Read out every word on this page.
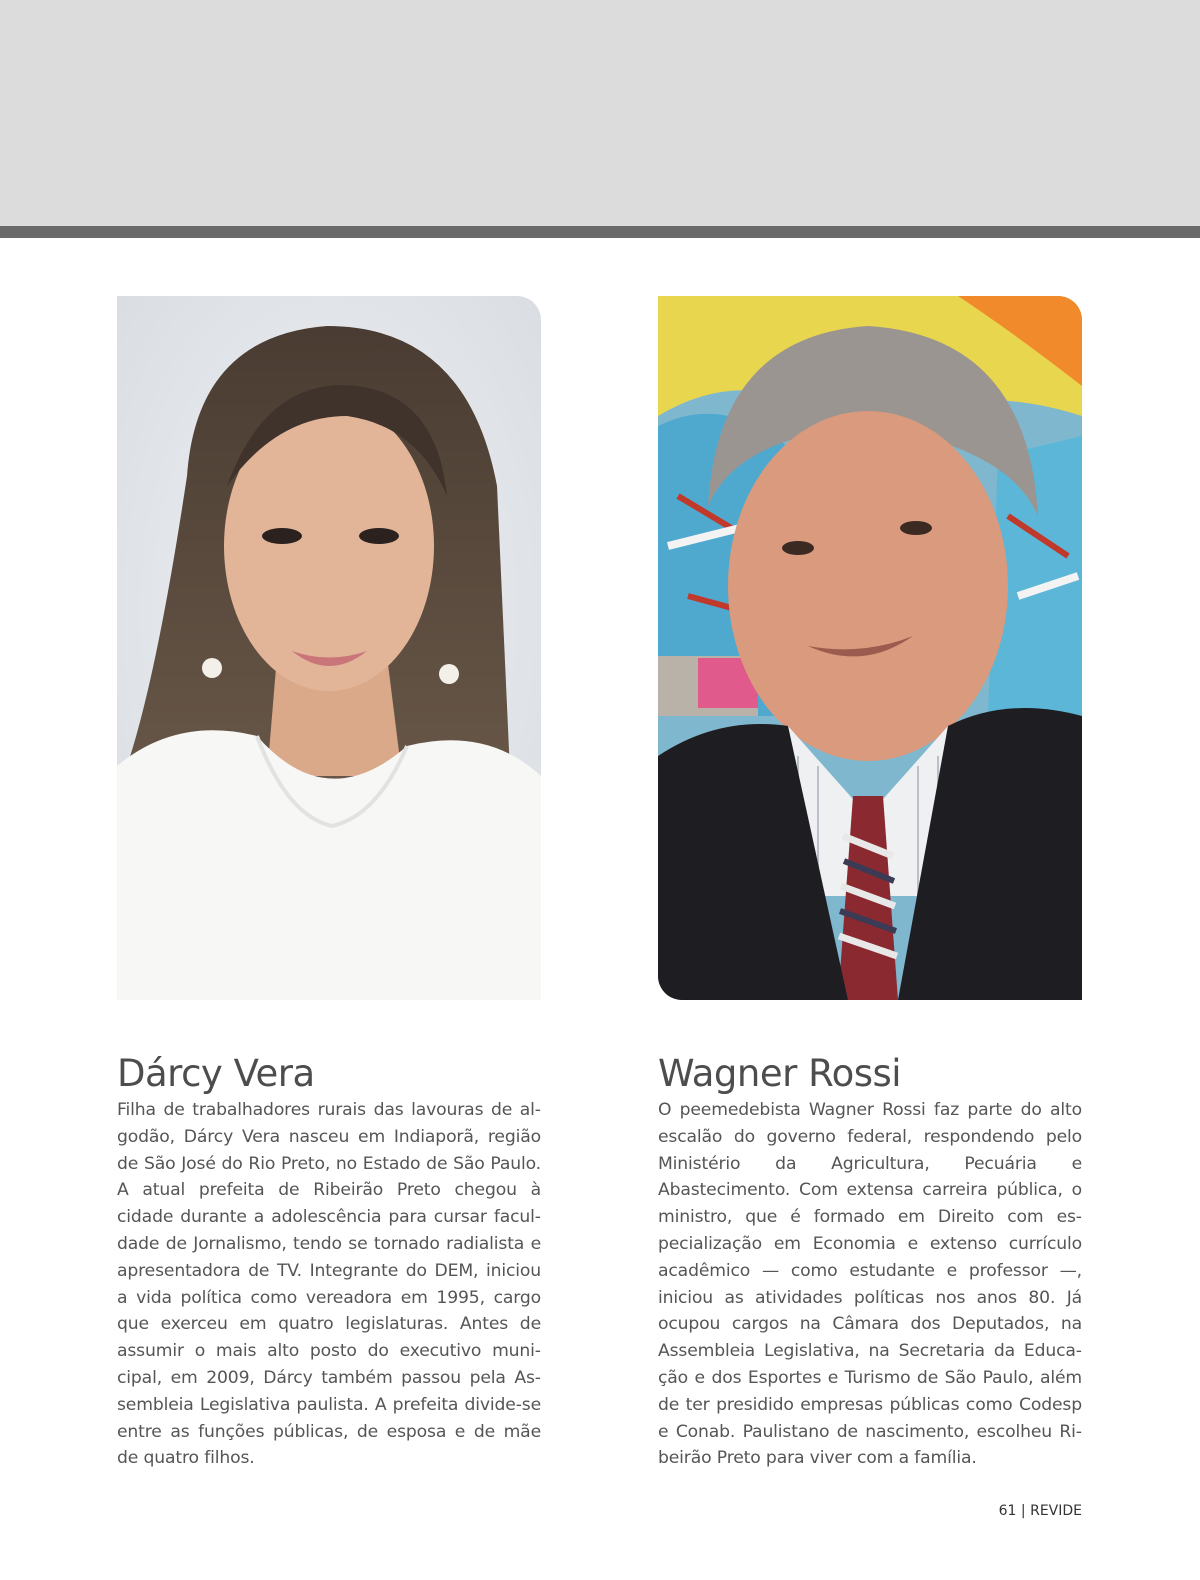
Dárcy Vera

Filha de trabalhadores rurais das lavouras de algodão, Dárcy Vera nasceu em Indiaporã, região de São José do Rio Preto, no Estado de São Paulo. A atual prefeita de Ribeirão Preto chegou à cidade durante a adolescência para cursar faculdade de Jornalismo, tendo se tornado radialista e apresentadora de TV. Integrante do DEM, iniciou a vida política como vereadora em 1995, cargo que exerceu em quatro legislaturas. Antes de assumir o mais alto posto do executivo municipal, em 2009, Dárcy também passou pela Assembleia Legislativa paulista. A prefeita divide-se entre as funções públicas, de esposa e de mãe de quatro filhos.

Wagner Rossi

O peemedebista Wagner Rossi faz parte do alto escalão do governo federal, respondendo pelo Ministério da Agricultura, Pecuária e Abastecimento. Com extensa carreira pública, o ministro, que é formado em Direito com especialização em Economia e extenso currículo acadêmico — como estudante e professor —, iniciou as atividades políticas nos anos 80. Já ocupou cargos na Câmara dos Deputados, na Assembleia Legislativa, na Secretaria da Educação e dos Esportes e Turismo de São Paulo, além de ter presidido empresas públicas como Codesp e Conab. Paulistano de nascimento, escolheu Ribeirão Preto para viver com a família.

61 | REVIDE
